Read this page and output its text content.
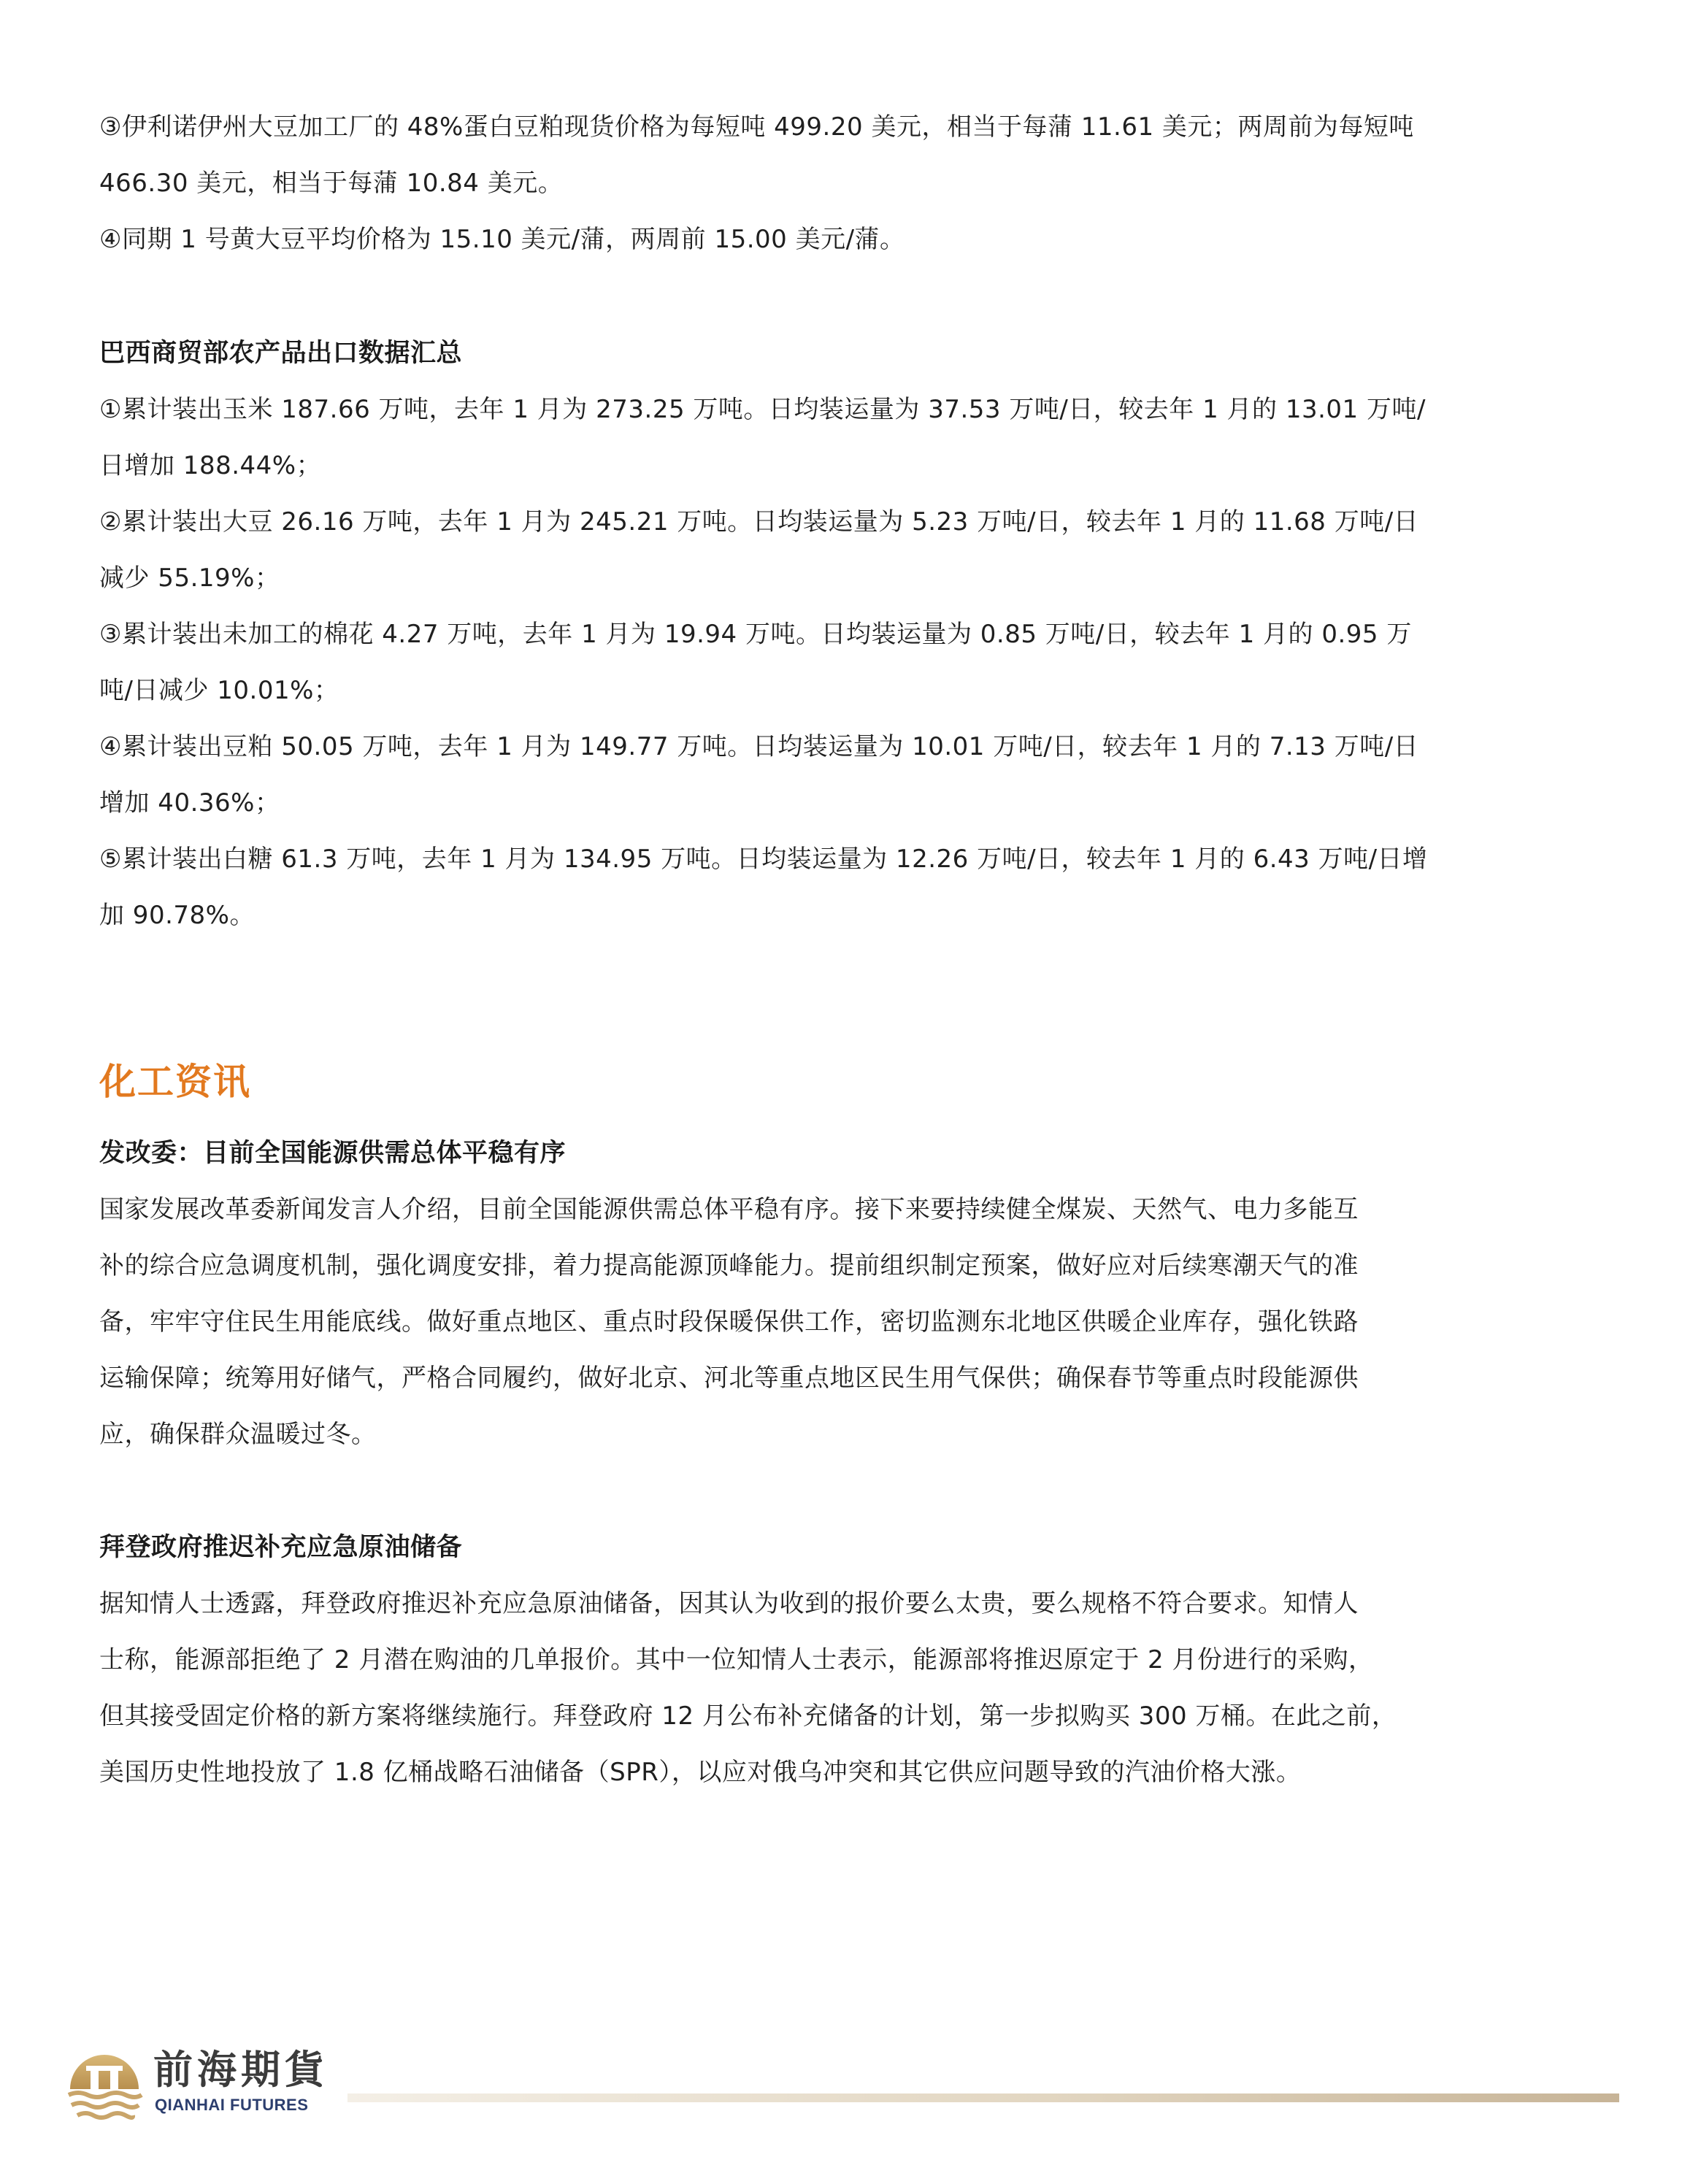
③伊利诺伊州大豆加工厂的 48%蛋白豆粕现货价格为每短吨 499.20 美元，相当于每蒲 11.61 美元；两周前为每短吨

466.30 美元，相当于每蒲 10.84 美元。

④同期 1 号黄大豆平均价格为 15.10 美元/蒲，两周前 15.00 美元/蒲。

巴西商贸部农产品出口数据汇总

①累计装出玉米 187.66 万吨，去年 1 月为 273.25 万吨。日均装运量为 37.53 万吨/日，较去年 1 月的 13.01 万吨/

日增加 188.44%；

②累计装出大豆 26.16 万吨，去年 1 月为 245.21 万吨。日均装运量为 5.23 万吨/日，较去年 1 月的 11.68 万吨/日

减少 55.19%；

③累计装出未加工的棉花 4.27 万吨，去年 1 月为 19.94 万吨。日均装运量为 0.85 万吨/日，较去年 1 月的 0.95 万

吨/日减少 10.01%；

④累计装出豆粕 50.05 万吨，去年 1 月为 149.77 万吨。日均装运量为 10.01 万吨/日，较去年 1 月的 7.13 万吨/日

增加 40.36%；

⑤累计装出白糖 61.3 万吨，去年 1 月为 134.95 万吨。日均装运量为 12.26 万吨/日，较去年 1 月的 6.43 万吨/日增

加 90.78%。

化工资讯

发改委：目前全国能源供需总体平稳有序

国家发展改革委新闻发言人介绍，目前全国能源供需总体平稳有序。接下来要持续健全煤炭、天然气、电力多能互

补的综合应急调度机制，强化调度安排，着力提高能源顶峰能力。提前组织制定预案，做好应对后续寒潮天气的准

备，牢牢守住民生用能底线。做好重点地区、重点时段保暖保供工作，密切监测东北地区供暖企业库存，强化铁路

运输保障；统筹用好储气，严格合同履约，做好北京、河北等重点地区民生用气保供；确保春节等重点时段能源供

应，确保群众温暖过冬。

拜登政府推迟补充应急原油储备

据知情人士透露，拜登政府推迟补充应急原油储备，因其认为收到的报价要么太贵，要么规格不符合要求。知情人

士称，能源部拒绝了 2 月潜在购油的几单报价。其中一位知情人士表示，能源部将推迟原定于 2 月份进行的采购，

但其接受固定价格的新方案将继续施行。拜登政府 12 月公布补充储备的计划，第一步拟购买 300 万桶。在此之前，

美国历史性地投放了 1.8 亿桶战略石油储备（SPR），以应对俄乌冲突和其它供应问题导致的汽油价格大涨。

前海期貨
QIANHAI FUTURES
